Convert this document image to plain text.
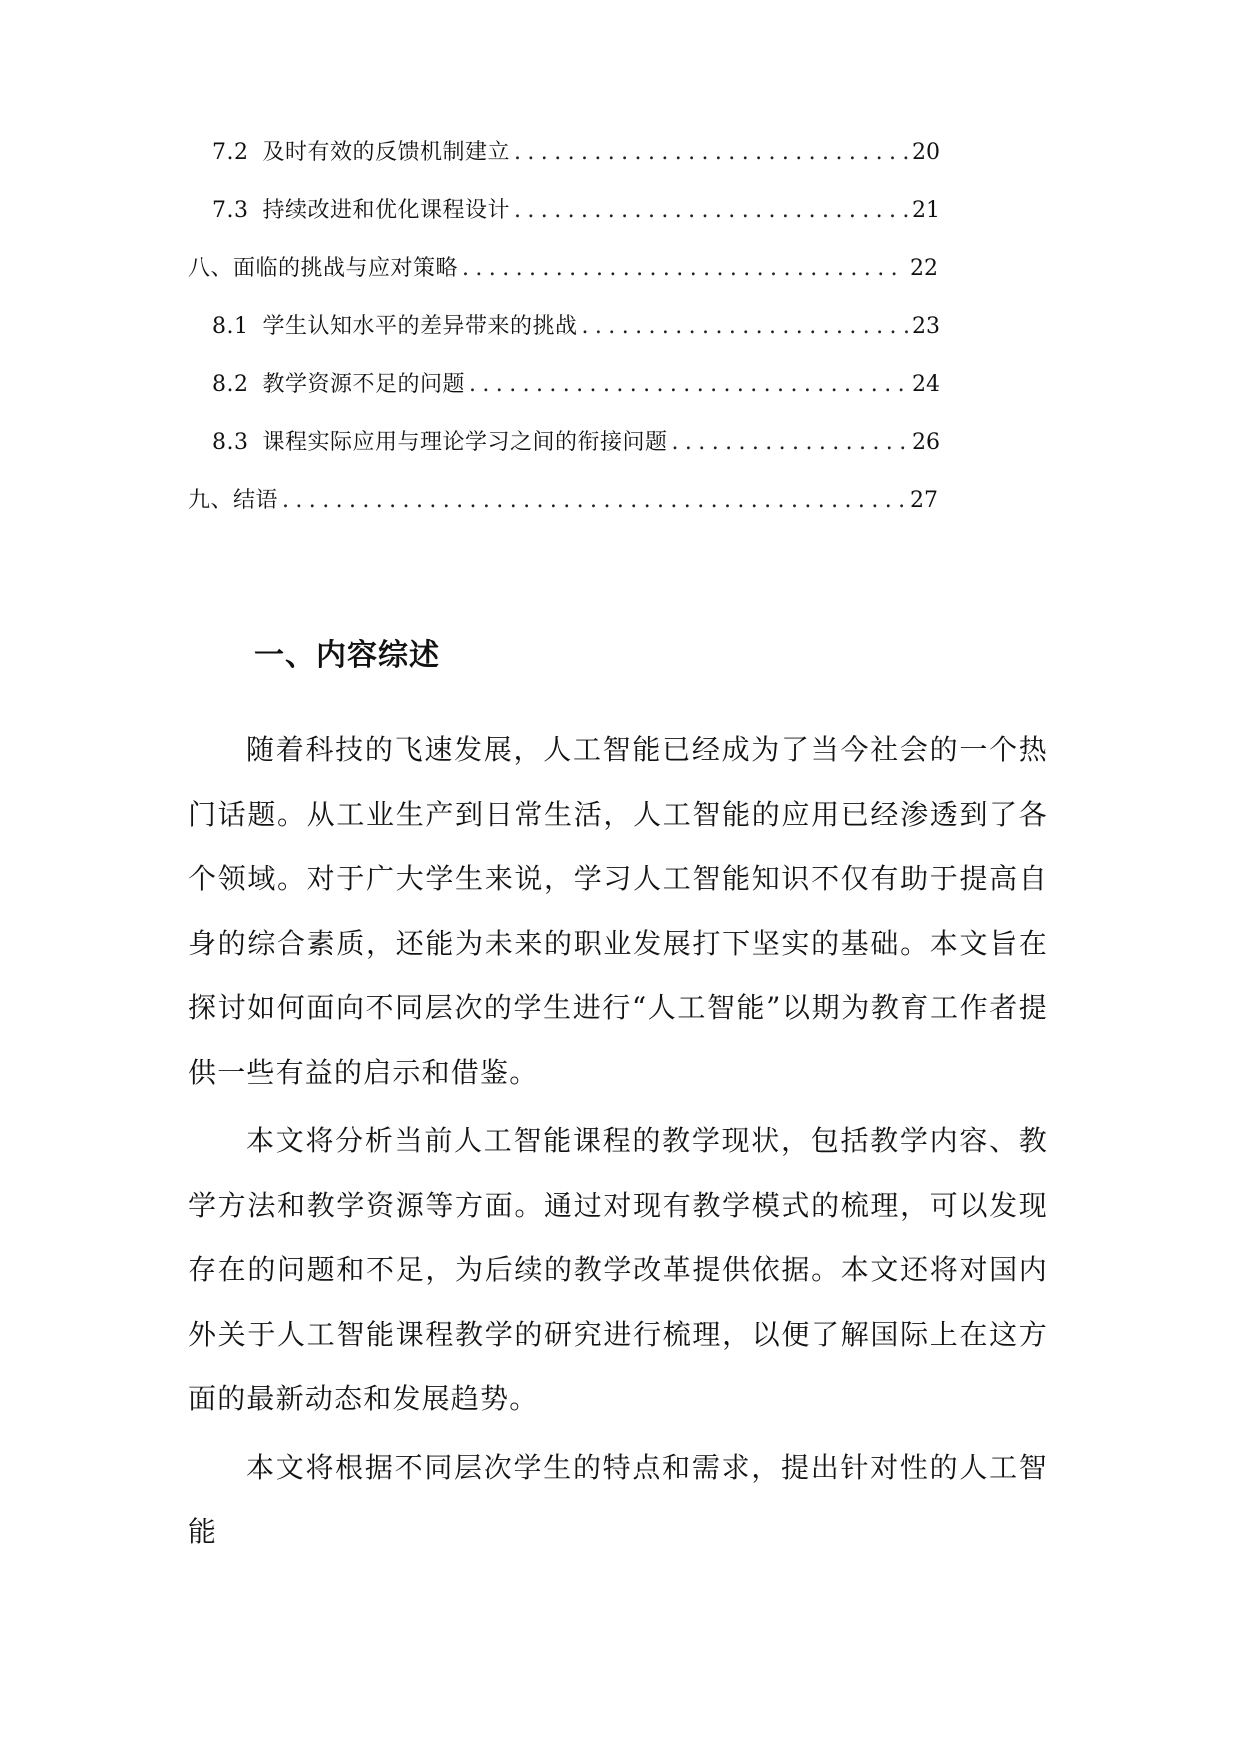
7.2 及时有效的反馈机制建立 .....	20
7.3 持续改进和优化课程设计 .....	21
八、面临的挑战与应对策略 .....	22
8.1 学生认知水平的差异带来的挑战 .....	23
8.2 教学资源不足的问题 .....	24
8.3 课程实际应用与理论学习之间的衔接问题 .....	26
九、结语 .....	27
一、内容综述

随着科技的飞速发展，人工智能已经成为了当今社会的一个热门话题。从工业生产到日常生活，人工智能的应用已经渗透到了各个领域。对于广大学生来说，学习人工智能知识不仅有助于提高自身的综合素质，还能为未来的职业发展打下坚实的基础。本文旨在探讨如何面向不同层次的学生进行“人工智能”以期为教育工作者提供一些有益的启示和借鉴。

本文将分析当前人工智能课程的教学现状，包括教学内容、教学方法和教学资源等方面。通过对现有教学模式的梳理，可以发现存在的问题和不足，为后续的教学改革提供依据。本文还将对国内外关于人工智能课程教学的研究进行梳理，以便了解国际上在这方面的最新动态和发展趋势。

本文将根据不同层次学生的特点和需求，提出针对性的人工智能
